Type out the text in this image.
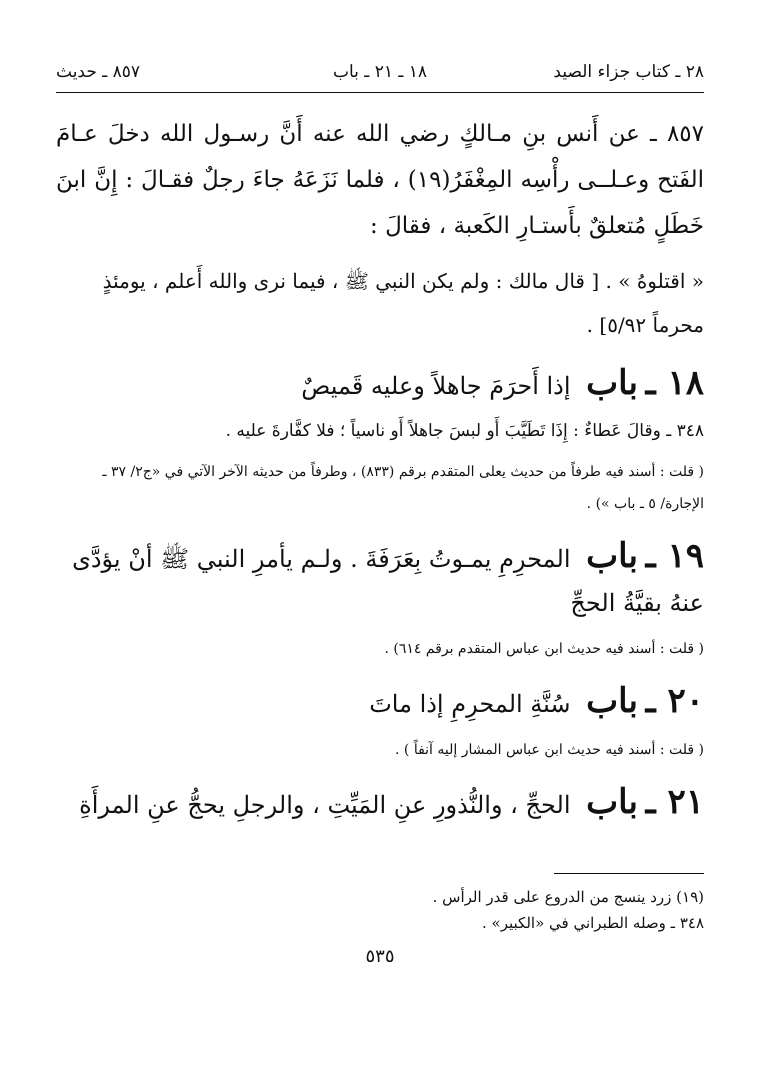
٢٨ ـ كتاب جزاء الصيد
١٨ ـ ٢١ ـ باب
٨٥٧ ـ حديث

٨٥٧ ـ عن أَنس بنِ مـالكٍ رضي الله عنه أَنَّ رسـول الله دخلَ عـامَ الفَتح وعـلــى رأْسِه المِغْفَرُ(١٩) ، فلما نَزَعَهُ جاءَ رجلٌ فقـالَ : إِنَّ ابنَ خَطَلٍ مُتعلقٌ بأَستـارِ الكَعبة ، فقالَ :

« اقتلوهُ » . [ قال مالك : ولم يكن النبي ﷺ ، فيما نرى والله أَعلم ، يومئذٍ محرماً ٥/٩٢] .

١٨ ـ باب إذا أَحرَمَ جاهلاً وعليه قَميصٌ

٣٤٨ ـ وقالَ عَطاءٌ : إِذَا تَطَيَّبَ أَو لبسَ جاهلاً أَو ناسياً ؛ فلا كفَّارةَ عليه .

( قلت : أسند فيه طرفاً من حديث يعلى المتقدم برقم (٨٣٣) ، وطرفاً من حديثه الآخر الآتي في «ج٢/ ٣٧ ـ الإجارة/ ٥ ـ باب ») .

١٩ ـ باب المحرِمِ يمـوتُ بِعَرَفَةَ . ولـم يأمرِ النبي ﷺ أنْ يؤدَّى عنهُ بقيَّةُ الحجِّ

( قلت : أسند فيه حديث ابن عباس المتقدم برقم ٦١٤) .

٢٠ ـ باب سُنَّةِ المحرِمِ إذا ماتَ

( قلت : أسند فيه حديث ابن عباس المشار إليه آنفاً ) .

٢١ ـ باب الحجِّ ، والنُّذورِ عنِ المَيِّتِ ، والرجلِ يحجُّ عنِ المرأَةِ

(١٩) زرد ينسج من الدروع على قدر الرأس .

٣٤٨ ـ وصله الطبراني في «الكبير» .

٥٣٥
